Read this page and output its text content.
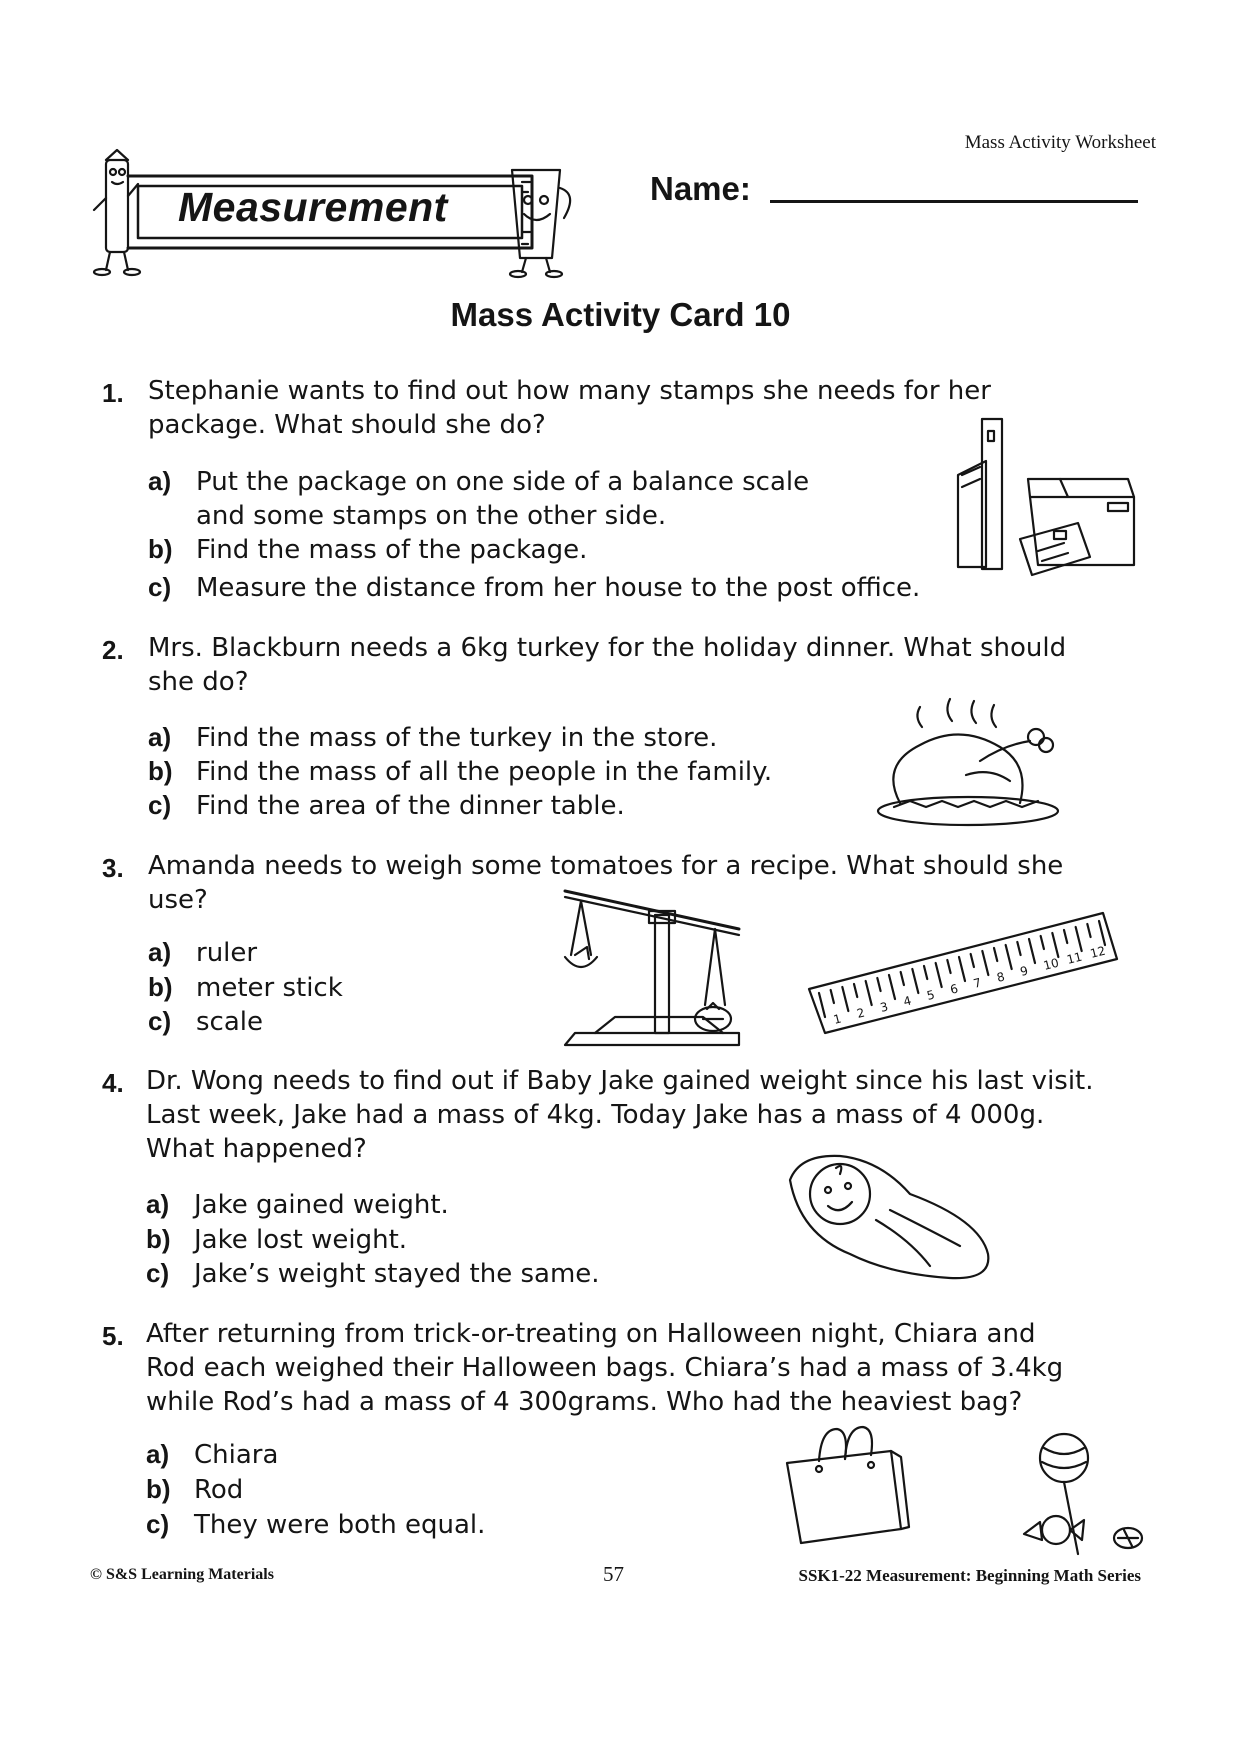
Mass Activity Worksheet
Measurement	Name:
Mass Activity Card 10
1. Stephanie wants to find out how many stamps she needs for her
package. What should she do?
a) Put the package on one side of a balance scale
and some stamps on the other side.
b) Find the mass of the package.
c) Measure the distance from her house to the post office.
2. Mrs. Blackburn needs a 6kg turkey for the holiday dinner. What should
she do?
a) Find the mass of the turkey in the store.
b) Find the mass of all the people in the family.
c) Find the area of the dinner table.
3. Amanda needs to weigh some tomatoes for a recipe. What should she
use?
a) ruler
b) meter stick
c) scale	1 2 3 4 5 6 7 8 9 10 11 12
4. Dr. Wong needs to find out if Baby Jake gained weight since his last visit.
Last week, Jake had a mass of 4kg. Today Jake has a mass of 4 000g.
What happened?
a) Jake gained weight.
b) Jake lost weight.
c) Jake’s weight stayed the same.
5. After returning from trick-or-treating on Halloween night, Chiara and
Rod each weighed their Halloween bags. Chiara’s had a mass of 3.4kg
while Rod’s had a mass of 4 300grams. Who had the heaviest bag?
a) Chiara
b) Rod
c) They were both equal.
© S&S Learning Materials	57	SSK1-22 Measurement: Beginning Math Series
